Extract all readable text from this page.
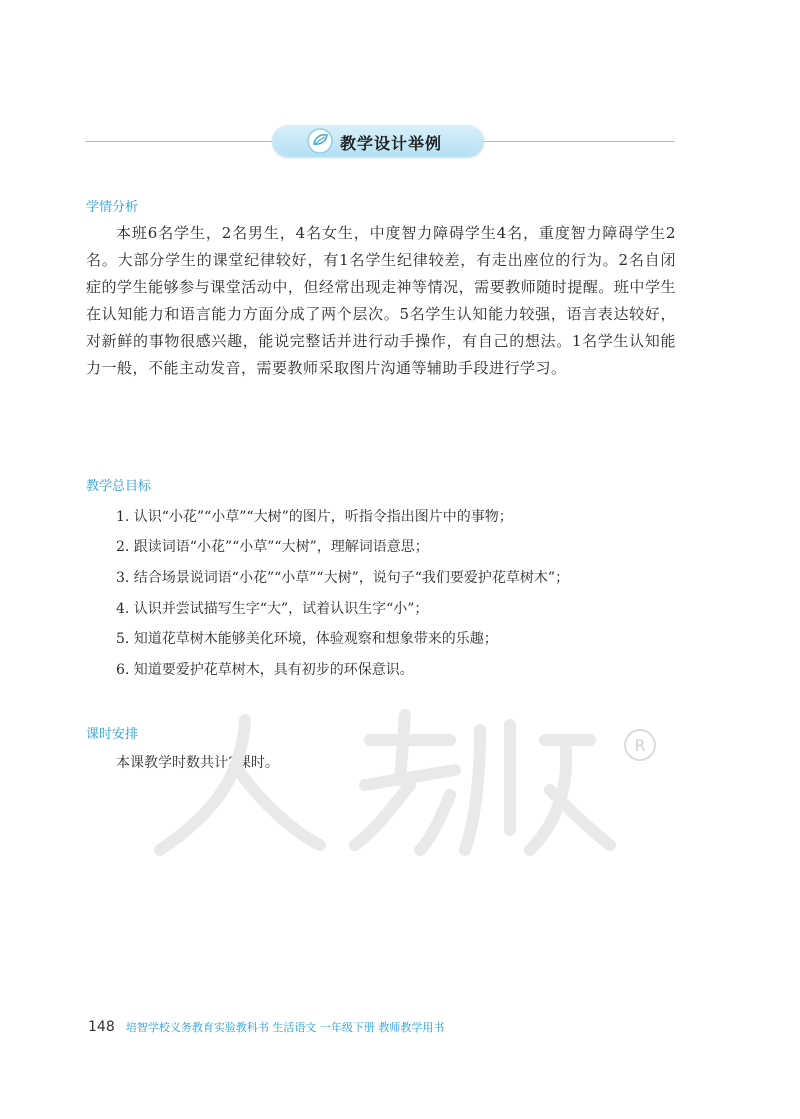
教学设计举例
学情分析

本班6名学生，2名男生，4名女生，中度智力障碍学生4名，重度智力障碍学生2名。大部分学生的课堂纪律较好，有1名学生纪律较差，有走出座位的行为。2名自闭症的学生能够参与课堂活动中，但经常出现走神等情况，需要教师随时提醒。班中学生在认知能力和语言能力方面分成了两个层次。5名学生认知能力较强，语言表达较好，对新鲜的事物很感兴趣，能说完整话并进行动手操作，有自己的想法。1名学生认知能力一般，不能主动发音，需要教师采取图片沟通等辅助手段进行学习。

教学总目标
1. 认识“小花”“小草”“大树”的图片，听指令指出图片中的事物；
2. 跟读词语“小花”“小草”“大树”，理解词语意思；
3. 结合场景说词语“小花”“小草”“大树”，说句子“我们要爱护花草树木”；
4. 认识并尝试描写生字“大”，试着认识生字“小”；
5. 知道花草树木能够美化环境，体验观察和想象带来的乐趣；
6. 知道要爱护花草树木，具有初步的环保意识。
课时安排
本课教学时数共计3课时。
R
148 培智学校义务教育实验教科书 生活语文 一年级下册 教师教学用书
